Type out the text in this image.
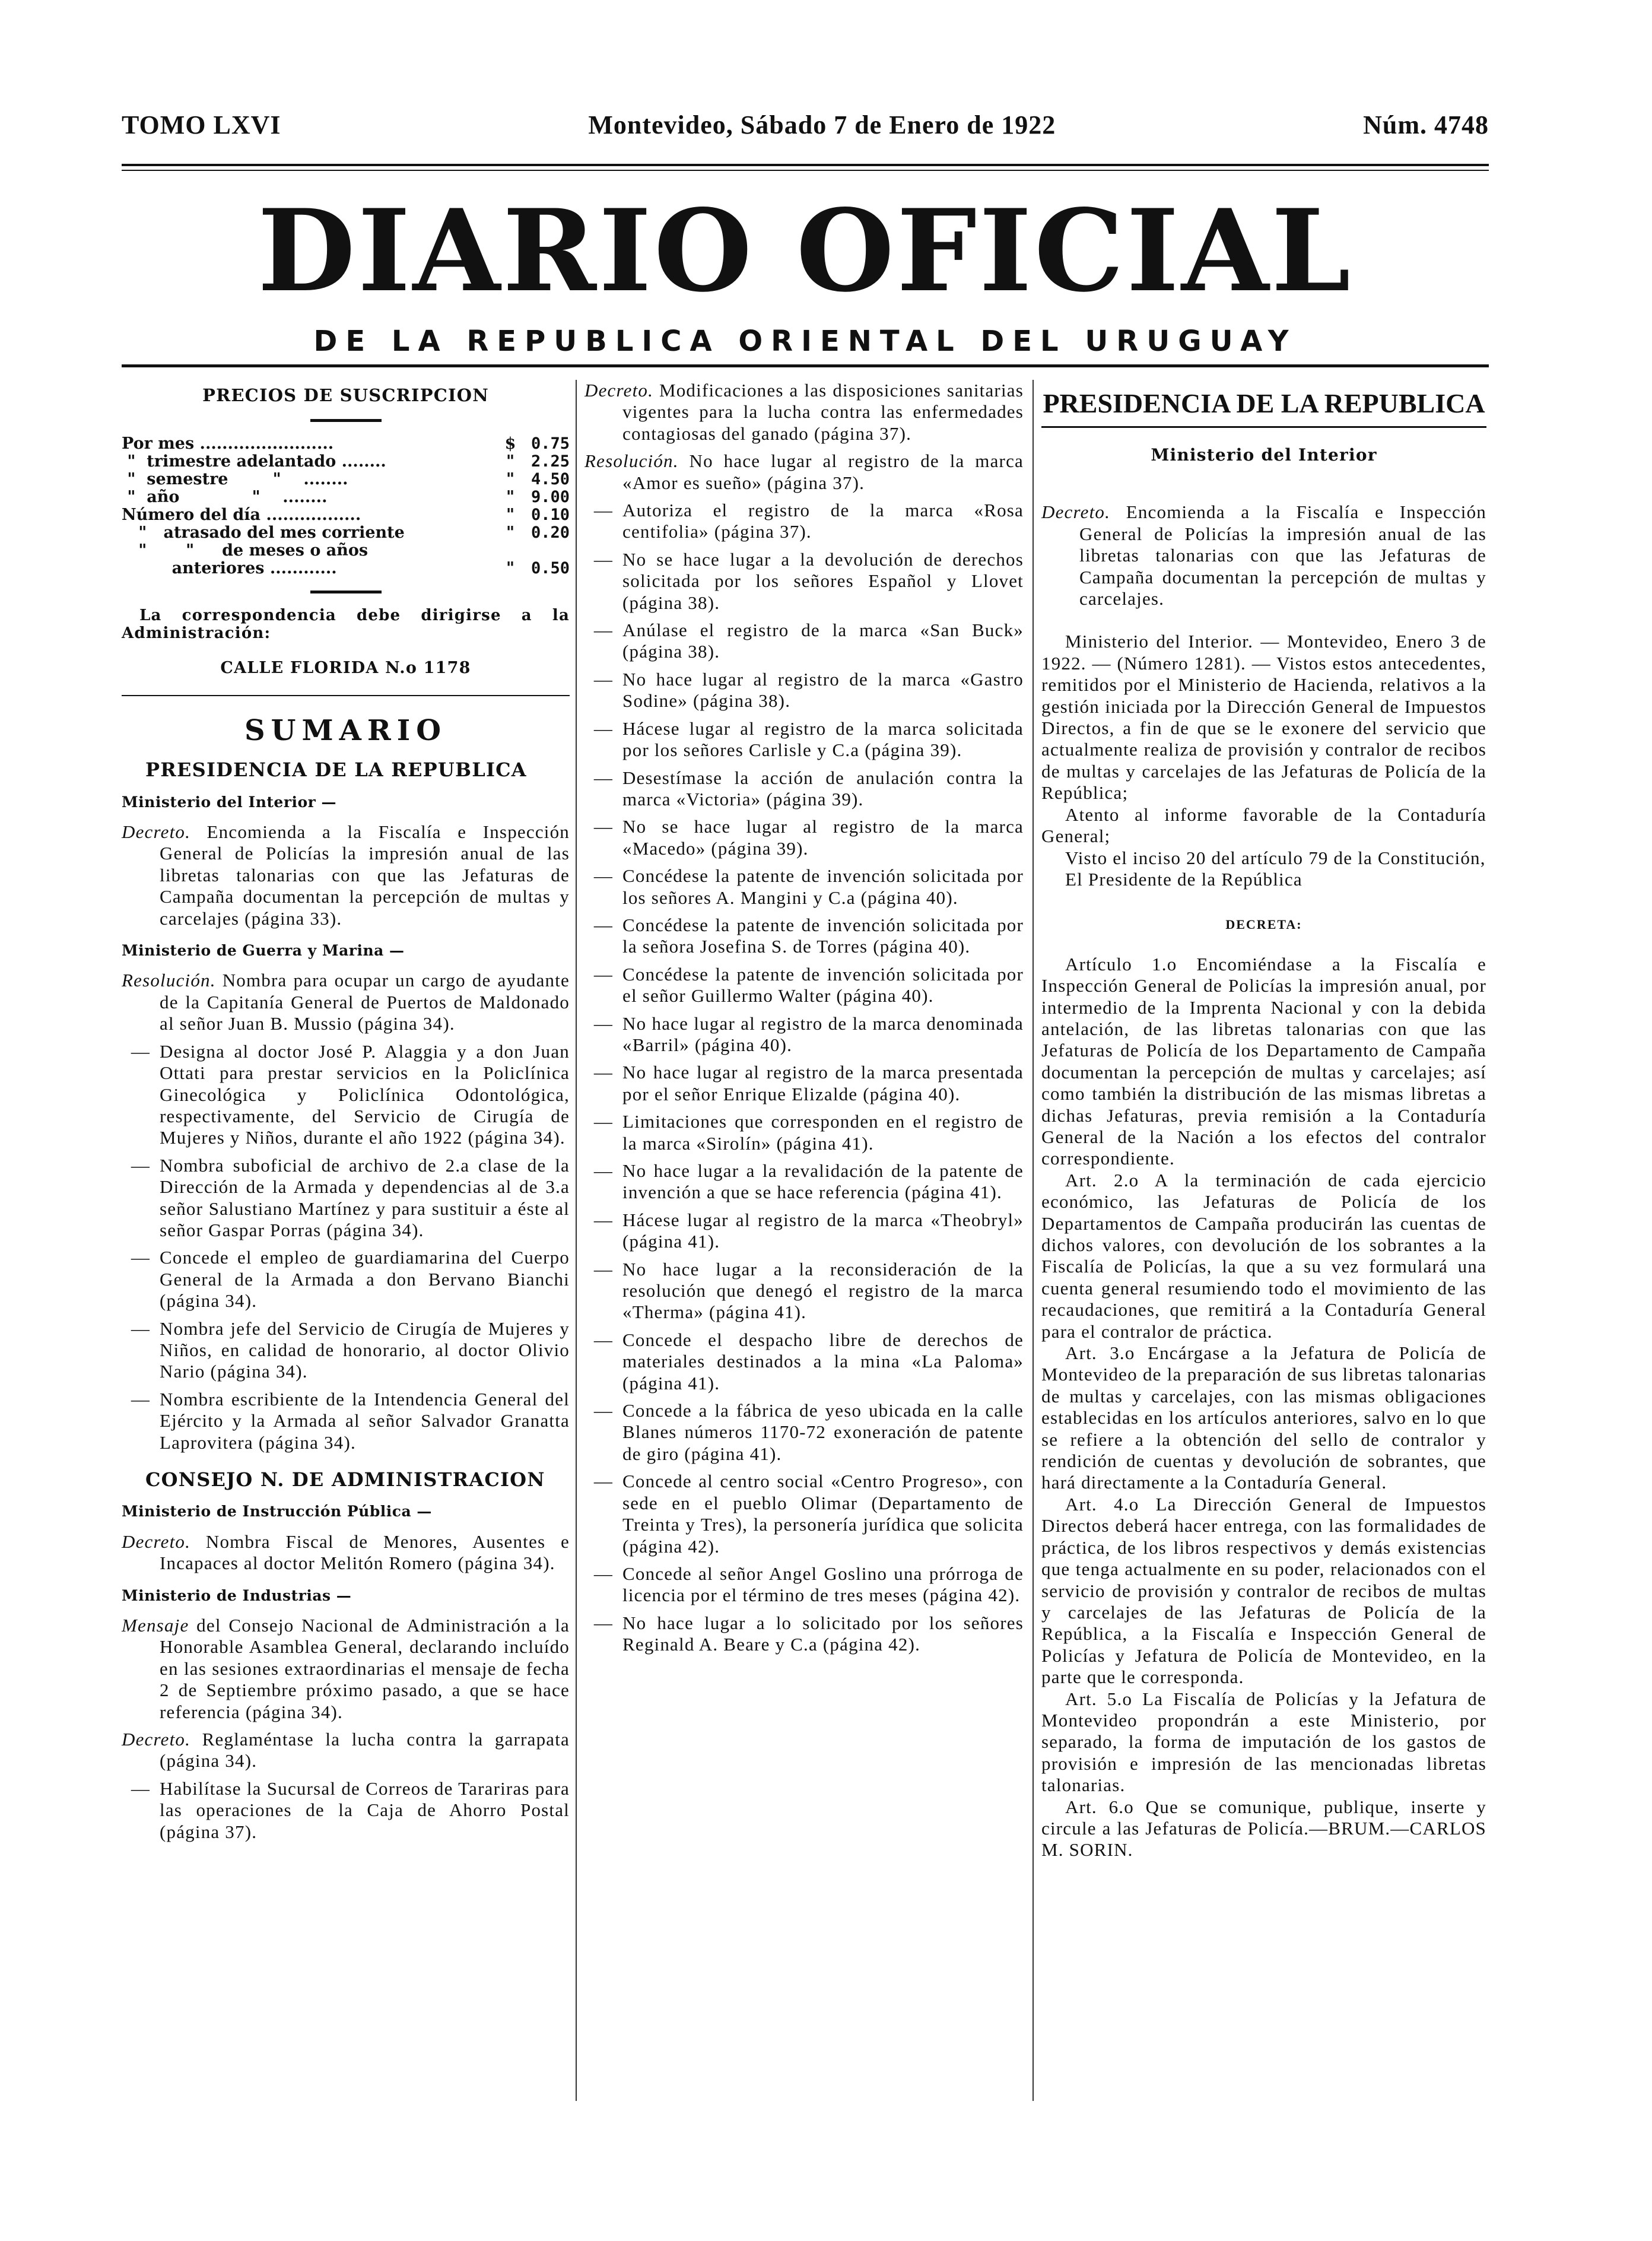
TOMO LXVI	Montevideo, Sábado 7 de Enero de 1922	Núm. 4748
DIARIO OFICIAL
DE LA REPUBLICA ORIENTAL DEL URUGUAY
PRECIOS DE SUSCRIPCION
Por mes ........................	$ 0.75
"  trimestre adelantado ........	"	2.25
"  semestre        "    ........	"	4.50
"  año             "    ........	"	9.00
Número del día .................	"	0.10
"   atrasado del mes corriente	"	0.20
"       "     de meses o años
anteriores ............	"	0.50
La correspondencia debe dirigirse a la Administración:
CALLE FLORIDA N.o 1178
SUMARIO
PRESIDENCIA DE LA REPUBLICA
Ministerio del Interior —
Decreto. Encomienda a la Fiscalía e Inspección General de Policías la impresión anual de las libretas talonarias con que las Jefaturas de Campaña documentan la percepción de multas y carcelajes (página 33).
Ministerio de Guerra y Marina —
Resolución. Nombra para ocupar un cargo de ayudante de la Capitanía General de Puertos de Maldonado al señor Juan B. Mussio (página 34).
— Designa al doctor José P. Alaggia y a don Juan Ottati para prestar servicios en la Policlínica Ginecológica y Policlínica Odontológica, respectivamente, del Servicio de Cirugía de Mujeres y Niños, durante el año 1922 (página 34).
— Nombra suboficial de archivo de 2.a clase de la Dirección de la Armada y dependencias al de 3.a señor Salustiano Martínez y para sustituir a éste al señor Gaspar Porras (página 34).
— Concede el empleo de guardiamarina del Cuerpo General de la Armada a don Bervano Bianchi (página 34).
— Nombra jefe del Servicio de Cirugía de Mujeres y Niños, en calidad de honorario, al doctor Olivio Nario (página 34).
— Nombra escribiente de la Intendencia General del Ejército y la Armada al señor Salvador Granatta Laprovitera (página 34).
CONSEJO N. DE ADMINISTRACION
Ministerio de Instrucción Pública —
Decreto. Nombra Fiscal de Menores, Ausentes e Incapaces al doctor Melitón Romero (página 34).
Ministerio de Industrias —
Mensaje del Consejo Nacional de Administración a la Honorable Asamblea General, declarando incluído en las sesiones extraordinarias el mensaje de fecha 2 de Septiembre próximo pasado, a que se hace referencia (página 34).
Decreto. Reglaméntase la lucha contra la garrapata (página 34).
— Habilítase la Sucursal de Correos de Tarariras para las operaciones de la Caja de Ahorro Postal (página 37).
Decreto. Modificaciones a las disposiciones sanitarias vigentes para la lucha contra las enfermedades contagiosas del ganado (página 37).
Resolución. No hace lugar al registro de la marca «Amor es sueño» (página 37).
— Autoriza el registro de la marca «Rosa centifolia» (página 37).
— No se hace lugar a la devolución de derechos solicitada por los señores Español y Llovet (página 38).
— Anúlase el registro de la marca «San Buck» (página 38).
— No hace lugar al registro de la marca «Gastro Sodine» (página 38).
— Hácese lugar al registro de la marca solicitada por los señores Carlisle y C.a (página 39).
— Desestímase la acción de anulación contra la marca «Victoria» (página 39).
— No se hace lugar al registro de la marca «Macedo» (página 39).
— Concédese la patente de invención solicitada por los señores A. Mangini y C.a (página 40).
— Concédese la patente de invención solicitada por la señora Josefina S. de Torres (página 40).
— Concédese la patente de invención solicitada por el señor Guillermo Walter (página 40).
— No hace lugar al registro de la marca denominada «Barril» (página 40).
— No hace lugar al registro de la marca presentada por el señor Enrique Elizalde (página 40).
— Limitaciones que corresponden en el registro de la marca «Sirolín» (página 41).
— No hace lugar a la revalidación de la patente de invención a que se hace referencia (página 41).
— Hácese lugar al registro de la marca «Theobryl» (página 41).
— No hace lugar a la reconsideración de la resolución que denegó el registro de la marca «Therma» (página 41).
— Concede el despacho libre de derechos de materiales destinados a la mina «La Paloma» (página 41).
— Concede a la fábrica de yeso ubicada en la calle Blanes números 1170-72 exoneración de patente de giro (página 41).
— Concede al centro social «Centro Progreso», con sede en el pueblo Olimar (Departamento de Treinta y Tres), la personería jurídica que solicita (página 42).
— Concede al señor Angel Goslino una prórroga de licencia por el término de tres meses (página 42).
— No hace lugar a lo solicitado por los señores Reginald A. Beare y C.a (página 42).
PRESIDENCIA DE LA REPUBLICA
Ministerio del Interior
Decreto. Encomienda a la Fiscalía e Inspección General de Policías la impresión anual de las libretas talonarias con que las Jefaturas de Campaña documentan la percepción de multas y carcelajes.

Ministerio del Interior. — Montevideo, Enero 3 de 1922. — (Número 1281). — Vistos estos antecedentes, remitidos por el Ministerio de Hacienda, relativos a la gestión iniciada por la Dirección General de Impuestos Directos, a fin de que se le exonere del servicio que actualmente realiza de provisión y contralor de recibos de multas y carcelajes de las Jefaturas de Policía de la República;

Atento al informe favorable de la Contaduría General;

Visto el inciso 20 del artículo 79 de la Constitución,

El Presidente de la República

DECRETA:

Artículo 1.o Encomiéndase a la Fiscalía e Inspección General de Policías la impresión anual, por intermedio de la Imprenta Nacional y con la debida antelación, de las libretas talonarias con que las Jefaturas de Policía de los Departamento de Campaña documentan la percepción de multas y carcelajes; así como también la distribución de las mismas libretas a dichas Jefaturas, previa remisión a la Contaduría General de la Nación a los efectos del contralor correspondiente.

Art. 2.o A la terminación de cada ejercicio económico, las Jefaturas de Policía de los Departamentos de Campaña producirán las cuentas de dichos valores, con devolución de los sobrantes a la Fiscalía de Policías, la que a su vez formulará una cuenta general resumiendo todo el movimiento de las recaudaciones, que remitirá a la Contaduría General para el contralor de práctica.

Art. 3.o Encárgase a la Jefatura de Policía de Montevideo de la preparación de sus libretas talonarias de multas y carcelajes, con las mismas obligaciones establecidas en los artículos anteriores, salvo en lo que se refiere a la obtención del sello de contralor y rendición de cuentas y devolución de sobrantes, que hará directamente a la Contaduría General.

Art. 4.o La Dirección General de Impuestos Directos deberá hacer entrega, con las formalidades de práctica, de los libros respectivos y demás existencias que tenga actualmente en su poder, relacionados con el servicio de provisión y contralor de recibos de multas y carcelajes de las Jefaturas de Policía de la República, a la Fiscalía e Inspección General de Policías y Jefatura de Policía de Montevideo, en la parte que le corresponda.

Art. 5.o La Fiscalía de Policías y la Jefatura de Montevideo propondrán a este Ministerio, por separado, la forma de imputación de los gastos de provisión e impresión de las mencionadas libretas talonarias.

Art. 6.o Que se comunique, publique, inserte y circule a las Jefaturas de Policía.—BRUM.—CARLOS M. SORIN.
